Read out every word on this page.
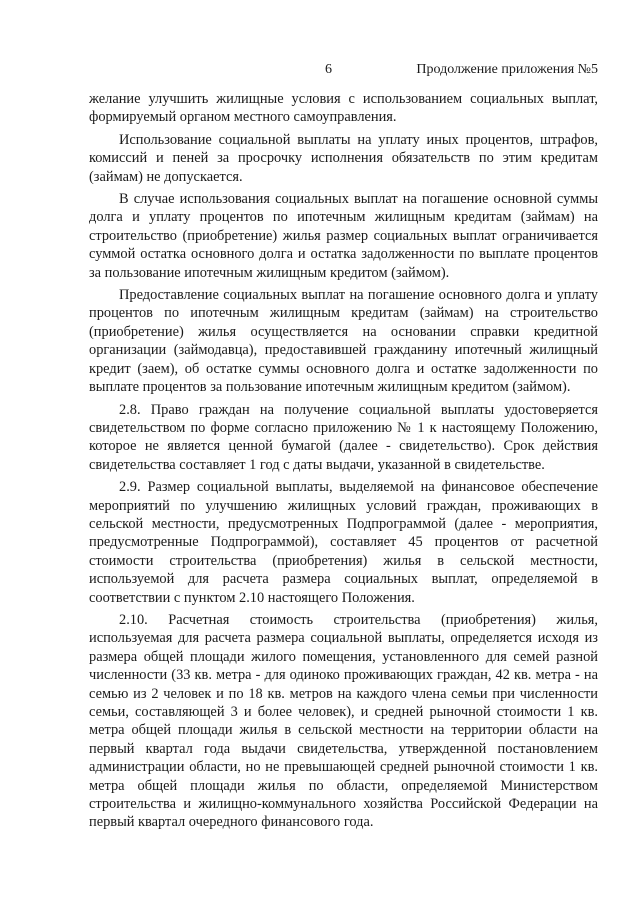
6	Продолжение приложения №5

желание улучшить жилищные условия с использованием социальных выплат, формируемый органом местного самоуправления.

Использование социальной выплаты на уплату иных процентов, штрафов, комиссий и пеней за просрочку исполнения обязательств по этим кредитам (займам) не допускается.

В случае использования социальных выплат на погашение основной суммы долга и уплату процентов по ипотечным жилищным кредитам (займам) на строительство (приобретение) жилья размер социальных выплат ограничивается суммой остатка основного долга и остатка задолженности по выплате процентов за пользование ипотечным жилищным кредитом (займом).

Предоставление социальных выплат на погашение основного долга и уплату процентов по ипотечным жилищным кредитам (займам) на строительство (приобретение) жилья осуществляется на основании справки кредитной организации (займодавца), предоставившей гражданину ипотечный жилищный кредит (заем), об остатке суммы основного долга и остатке задолженности по выплате процентов за пользование ипотечным жилищным кредитом (займом).

2.8. Право граждан на получение социальной выплаты удостоверяется свидетельством по форме согласно приложению № 1 к настоящему Положению, которое не является ценной бумагой (далее - свидетельство). Срок действия свидетельства составляет 1 год с даты выдачи, указанной в свидетельстве.

2.9. Размер социальной выплаты, выделяемой на финансовое обеспечение мероприятий по улучшению жилищных условий граждан, проживающих в сельской местности, предусмотренных Подпрограммой (далее - мероприятия, предусмотренные Подпрограммой), составляет 45 процентов от расчетной стоимости строительства (приобретения) жилья в сельской местности, используемой для расчета размера социальных выплат, определяемой в соответствии с пунктом 2.10 настоящего Положения.

2.10. Расчетная стоимость строительства (приобретения) жилья, используемая для расчета размера социальной выплаты, определяется исходя из размера общей площади жилого помещения, установленного для семей разной численности (33 кв. метра - для одиноко проживающих граждан, 42 кв. метра - на семью из 2 человек и по 18 кв. метров на каждого члена семьи при численности семьи, составляющей 3 и более человек), и средней рыночной стоимости 1 кв. метра общей площади жилья в сельской местности на территории области на первый квартал года выдачи свидетельства, утвержденной постановлением администрации области, но не превышающей средней рыночной стоимости 1 кв. метра общей площади жилья по области, определяемой Министерством строительства и жилищно-коммунального хозяйства Российской Федерации на первый квартал очередного финансового года.
